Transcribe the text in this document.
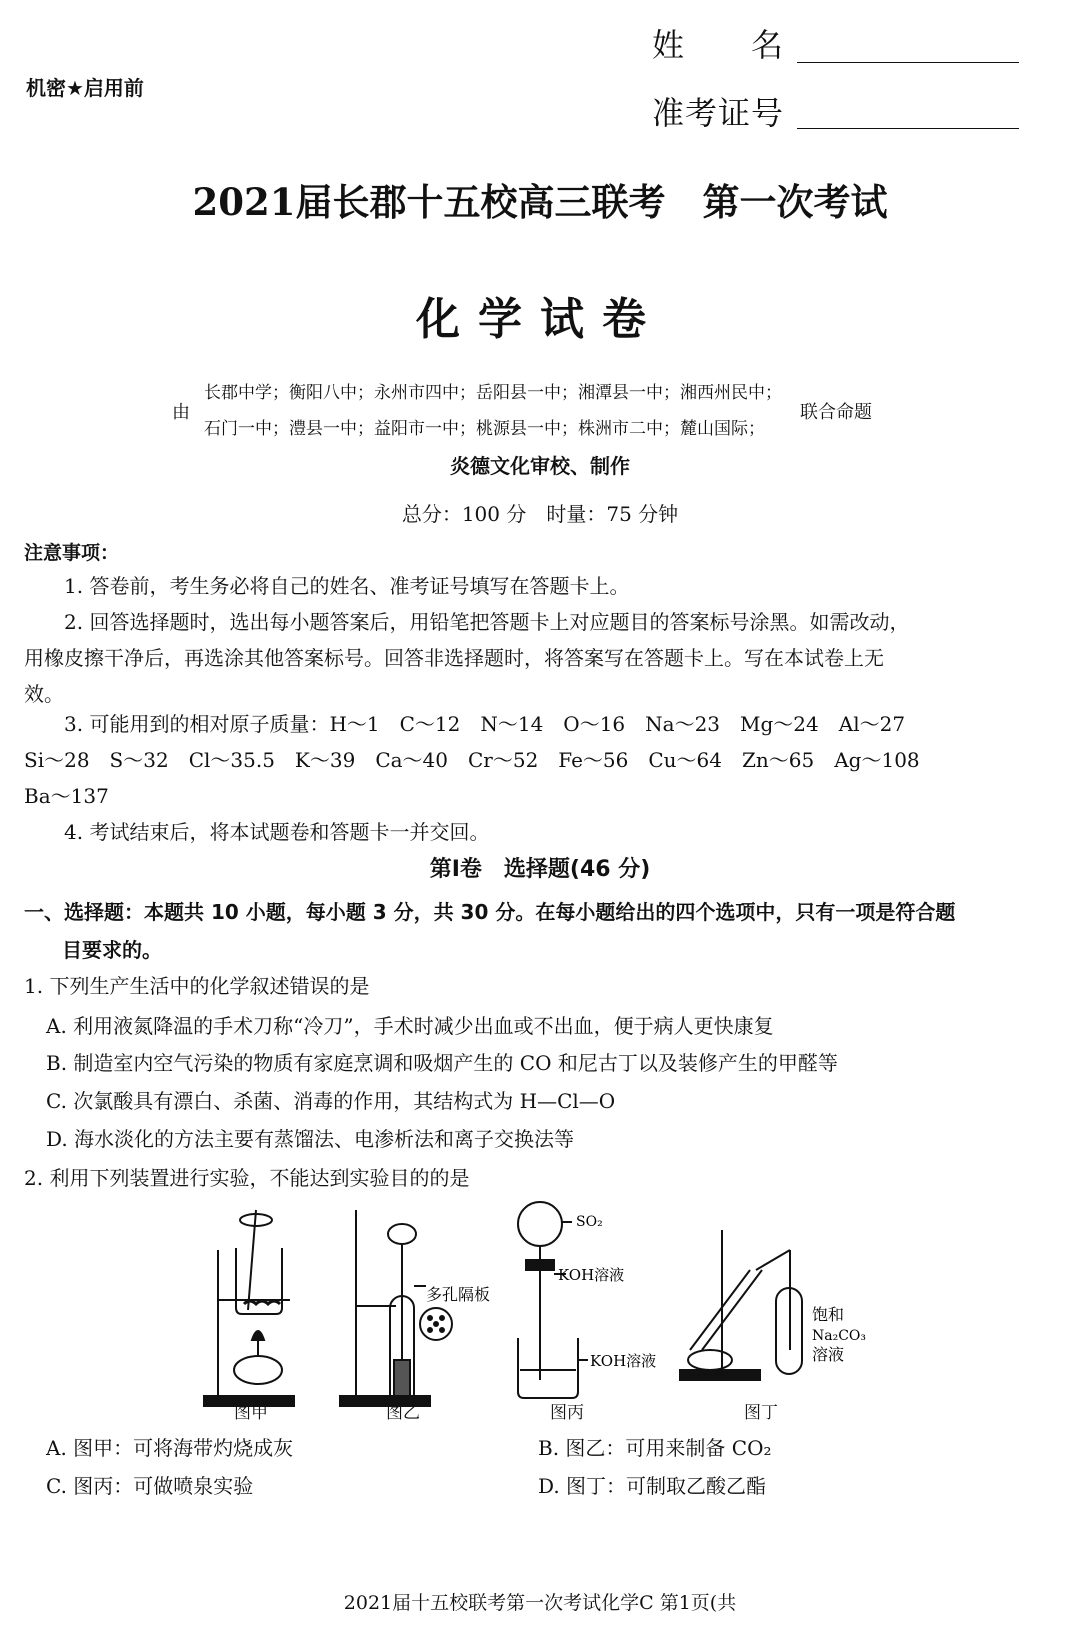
机密★启用前
姓　　名
准考证号
2021届长郡十五校高三联考　第一次考试
化学试卷
由
长郡中学；衡阳八中；永州市四中；岳阳县一中；湘潭县一中；湘西州民中；
石门一中；澧县一中；益阳市一中；桃源县一中；株洲市二中；麓山国际；
联合命题
炎德文化审校、制作
总分：100 分　时量：75 分钟
注意事项：
1. 答卷前，考生务必将自己的姓名、准考证号填写在答题卡上。
2. 回答选择题时，选出每小题答案后，用铅笔把答题卡上对应题目的答案标号涂黑。如需改动，
用橡皮擦干净后，再选涂其他答案标号。回答非选择题时，将答案写在答题卡上。写在本试卷上无
效。
3. 可能用到的相对原子质量：H～1　C～12　N～14　O～16　Na～23　Mg～24　Al～27
Si～28　S～32　Cl～35.5　K～39　Ca～40　Cr～52　Fe～56　Cu～64　Zn～65　Ag～108
Ba～137
4. 考试结束后，将本试题卷和答题卡一并交回。
第Ⅰ卷　选择题(46 分)
一、选择题：本题共 10 小题，每小题 3 分，共 30 分。在每小题给出的四个选项中，只有一项是符合题
目要求的。
1. 下列生产生活中的化学叙述错误的是
A. 利用液氮降温的手术刀称“冷刀”，手术时减少出血或不出血，便于病人更快康复
B. 制造室内空气污染的物质有家庭烹调和吸烟产生的 CO 和尼古丁以及装修产生的甲醛等
C. 次氯酸具有漂白、杀菌、消毒的作用，其结构式为 H—Cl—O
D. 海水淡化的方法主要有蒸馏法、电渗析法和离子交换法等
2. 利用下列装置进行实验，不能达到实验目的的是
SO₂
KOH溶液
KOH溶液
多孔隔板
饱和
Na₂CO₃
溶液
图甲	图乙	图丙	图丁
A. 图甲：可将海带灼烧成灰	B. 图乙：可用来制备 CO₂
C. 图丙：可做喷泉实验	D. 图丁：可制取乙酸乙酯
2021届十五校联考第一次考试化学C 第1页(共
